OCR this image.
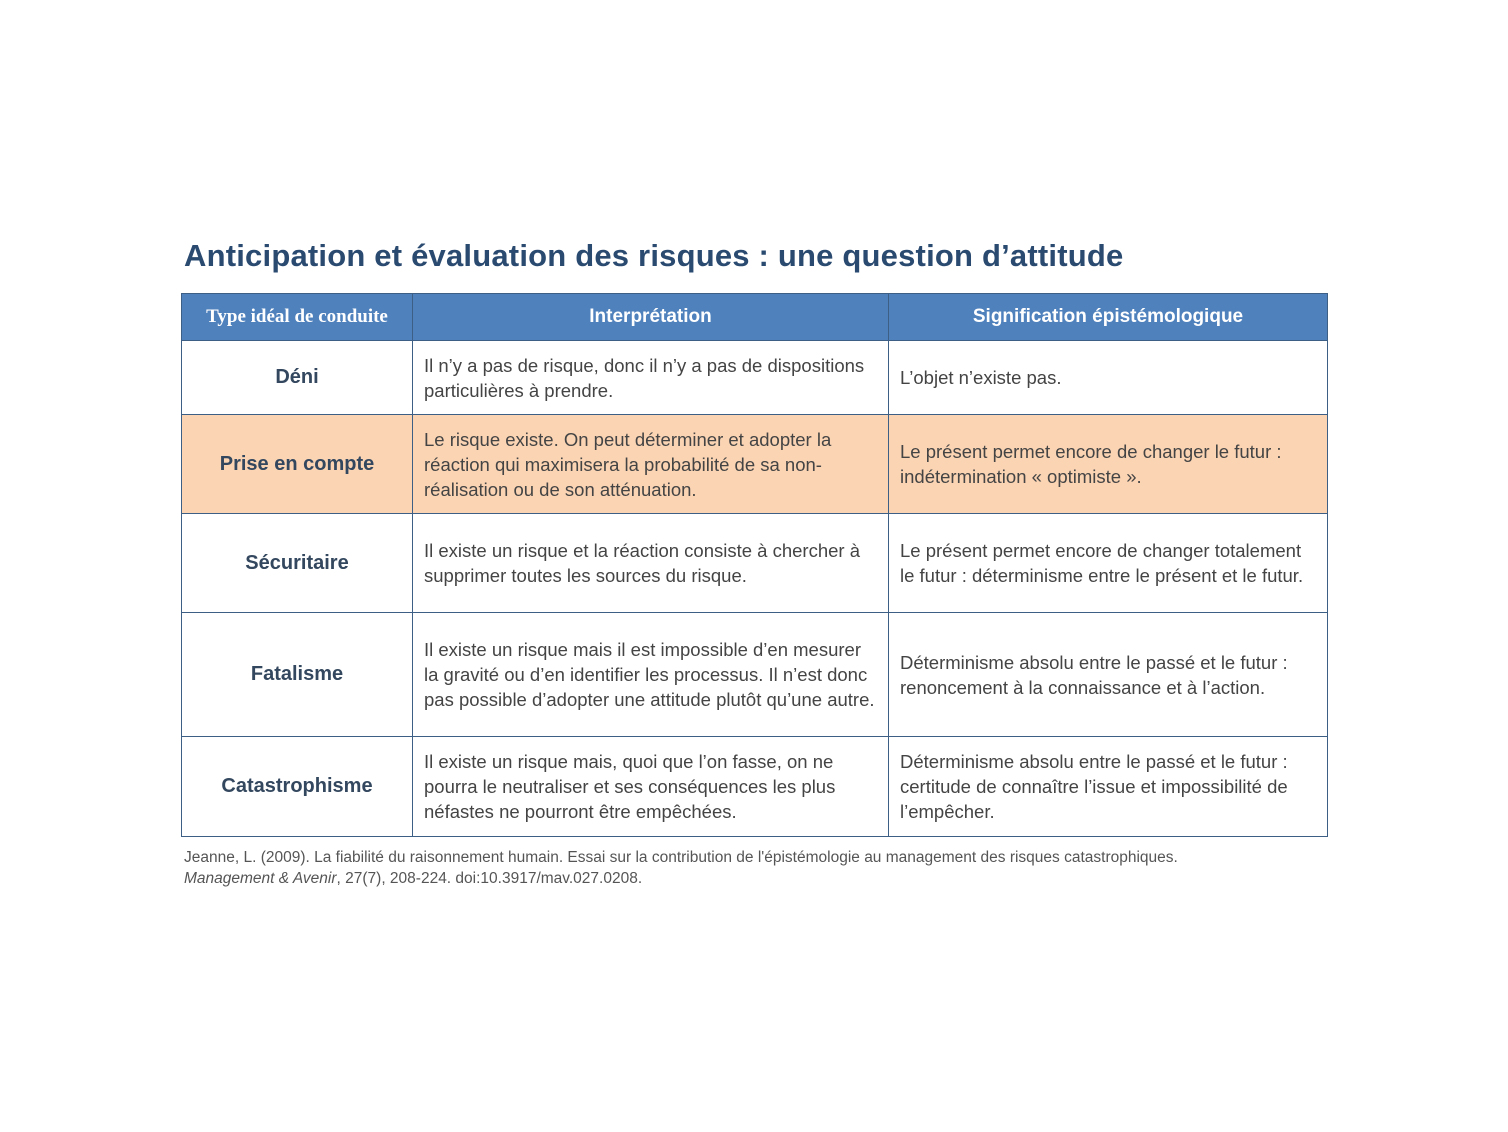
Anticipation et évaluation des risques : une question d’attitude
Type idéal de conduite	Interprétation	Signification épistémologique
Déni	Il n’y a pas de risque, donc il n’y a pas de dispositions particulières à prendre.	L’objet n’existe pas.
Prise en compte	Le risque existe. On peut déterminer et adopter la réaction qui maximisera la probabilité de sa non-réalisation ou de son atténuation.	Le présent permet encore de changer le futur : indétermination « optimiste ».
Sécuritaire	Il existe un risque et la réaction consiste à chercher à supprimer toutes les sources du risque.	Le présent permet encore de changer totalement le futur : déterminisme entre le présent et le futur.
Fatalisme	Il existe un risque mais il est impossible d’en mesurer la gravité ou d’en identifier les processus. Il n’est donc pas possible d’adopter une attitude plutôt qu’une autre.	Déterminisme absolu entre le passé et le futur : renoncement à la connaissance et à l’action.
Catastrophisme	Il existe un risque mais, quoi que l’on fasse, on ne pourra le neutraliser et ses conséquences les plus néfastes ne pourront être empêchées.	Déterminisme absolu entre le passé et le futur : certitude de connaître l’issue et impossibilité de l’empêcher.

Jeanne, L. (2009). La fiabilité du raisonnement humain. Essai sur la contribution de l'épistémologie au management des risques catastrophiques.
Management & Avenir, 27(7), 208-224. doi:10.3917/mav.027.0208.
